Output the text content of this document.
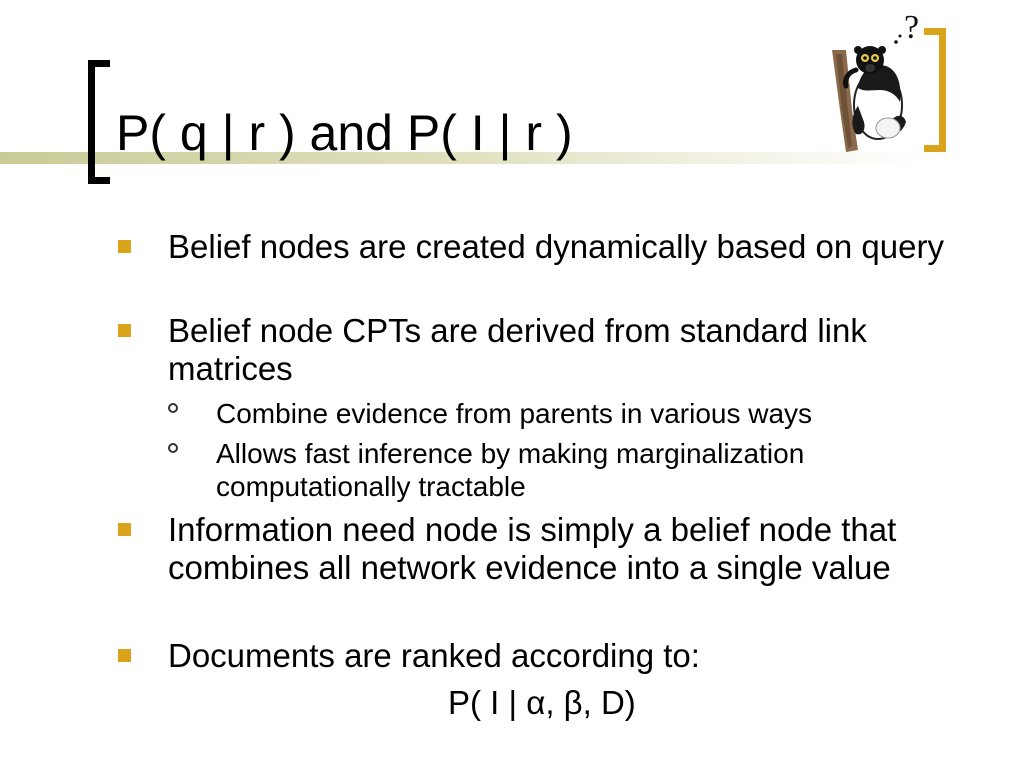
P( q | r ) and P( I | r )
?
Belief nodes are created dynamically based on query
Belief node CPTs are derived from standard link matrices
Combine evidence from parents in various ways
Allows fast inference by making marginalization computationally tractable
Information need node is simply a belief node that combines all network evidence into a single value
Documents are ranked according to:
P( I | α, β, D)
